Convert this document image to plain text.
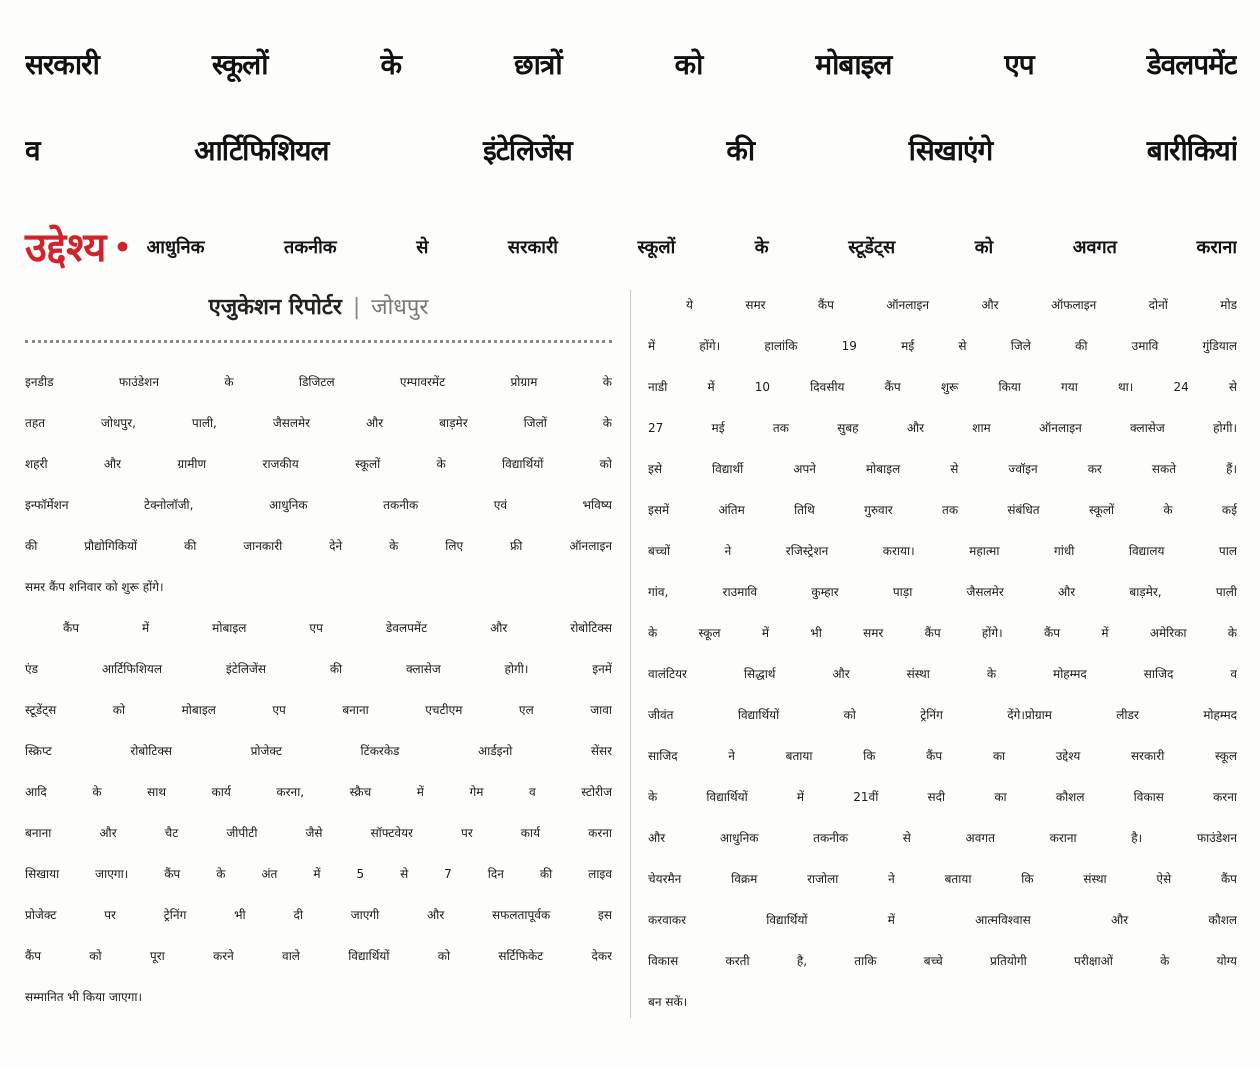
सरकारी स्कूलों के छात्रों को मोबाइल एप डेवलपमेंट
व आर्टिफिशियल इंटेलिजेंस की सिखाएंगे बारीकियां
उद्देश्य • आधुनिक तकनीक से सरकारी स्कूलों के स्टूडेंट्स को अवगत कराना
एजुकेशन रिपोर्टर | जोधपुर
इनडीड फाउंडेशन के डिजिटल एम्पावरमेंट प्रोग्राम के
तहत जोधपुर, पाली, जैसलमेर और बाड़मेर जिलों के
शहरी और ग्रामीण राजकीय स्कूलों के विद्यार्थियों को
इन्फॉर्मेशन टेक्नोलॉजी, आधुनिक तकनीक एवं भविष्य
की प्रौद्योगिकियों की जानकारी देने के लिए फ्री ऑनलाइन
समर कैंप शनिवार को शुरू होंगे।
कैंप में मोबाइल एप डेवलपमेंट और रोबोटिक्स
एंड आर्टिफिशियल इंटेलिजेंस की क्लासेज होगी। इनमें
स्टूडेंट्स को मोबाइल एप बनाना एचटीएम एल जावा
स्क्रिप्ट रोबोटिक्स प्रोजेक्ट टिंकरकेड आर्डइनो सेंसर
आदि के साथ कार्य करना, स्क्रैच में गेम व स्टोरीज
बनाना और चैट जीपीटी जैसे सॉफ्टवेयर पर कार्य करना
सिखाया जाएगा। कैंप के अंत में 5 से 7 दिन की लाइव
प्रोजेक्ट पर ट्रेनिंग भी दी जाएगी और सफलतापूर्वक इस
कैंप को पूरा करने वाले विद्यार्थियों को सर्टिफिकेट देकर
सम्मानित भी किया जाएगा।
ये समर कैंप ऑनलाइन और ऑफलाइन दोनों मोड
में होंगे। हालांकि 19 मई से जिले की उमावि गुंडियाल
नाडी में 10 दिवसीय कैंप शुरू किया गया था। 24 से
27 मई तक सुबह और शाम ऑनलाइन क्लासेज होगी।
इसे विद्यार्थी अपने मोबाइल से ज्वॉइन कर सकते हैं।
इसमें अंतिम तिथि गुरुवार तक संबंधित स्कूलों के कई
बच्चों ने रजिस्ट्रेशन कराया। महात्मा गांधी विद्यालय पाल
गांव, राउमावि कुम्हार पाड़ा जैसलमेर और बाड़मेर, पाली
के स्कूल में भी समर कैंप होंगे। कैंप में अमेरिका के
वालंटियर सिद्धार्थ और संस्था के मोहम्मद साजिद व
जीवंत विद्यार्थियों को ट्रेनिंग देंगे।प्रोग्राम लीडर मोहम्मद
साजिद ने बताया कि कैंप का उद्देश्य सरकारी स्कूल
के विद्यार्थियों में 21वीं सदी का कौशल विकास करना
और आधुनिक तकनीक से अवगत कराना है। फाउंडेशन
चेयरमैन विक्रम राजोला ने बताया कि संस्था ऐसे कैंप
करवाकर विद्यार्थियों में आत्मविश्वास और कौशल
विकास करती है, ताकि बच्चे प्रतियोगी परीक्षाओं के योग्य
बन सकें।
